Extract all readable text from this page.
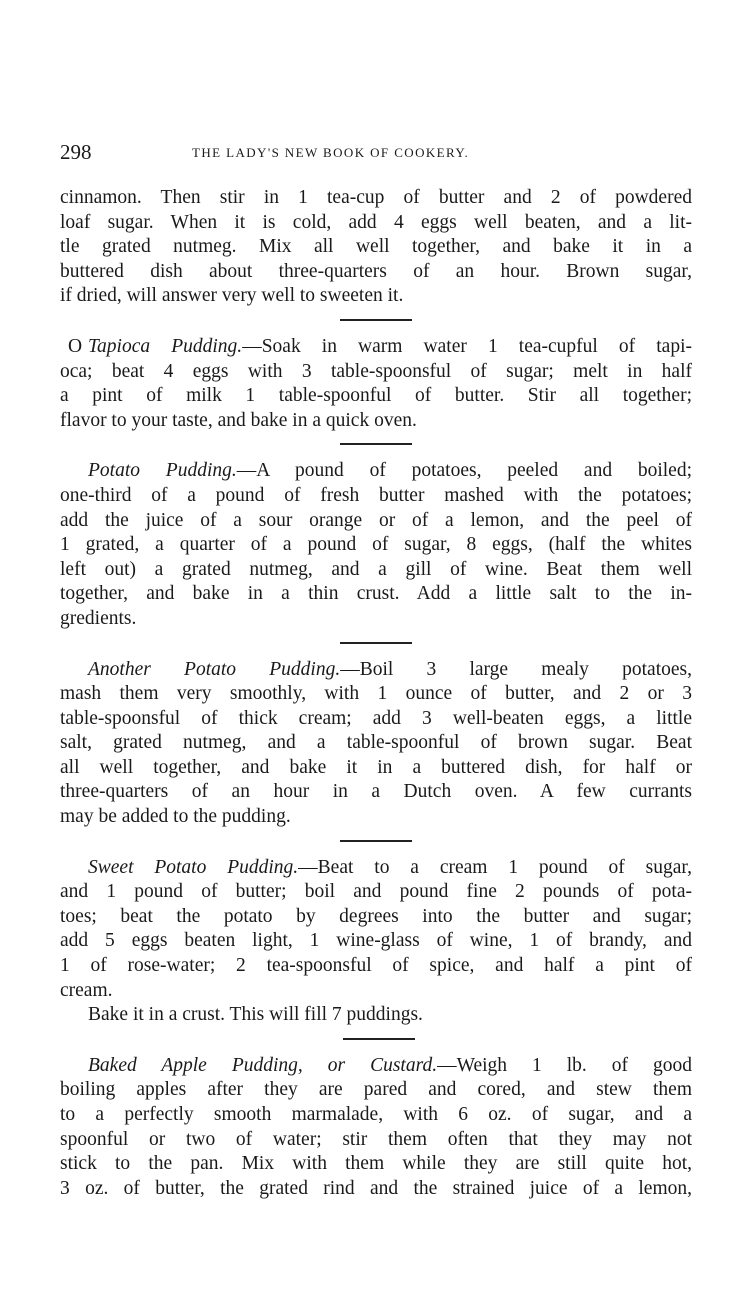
298	THE LADY'S NEW BOOK OF COOKERY.
cinnamon. Then stir in 1 tea-cup of butter and 2 of powdered
loaf sugar. When it is cold, add 4 eggs well beaten, and a lit-
tle grated nutmeg. Mix all well together, and bake it in a
buttered dish about three-quarters of an hour. Brown sugar,
if dried, will answer very well to sweeten it.
O Tapioca Pudding.—Soak in warm water 1 tea-cupful of tapi-
oca; beat 4 eggs with 3 table-spoonsful of sugar; melt in half
a pint of milk 1 table-spoonful of butter. Stir all together;
flavor to your taste, and bake in a quick oven.
Potato Pudding.—A pound of potatoes, peeled and boiled;
one-third of a pound of fresh butter mashed with the potatoes;
add the juice of a sour orange or of a lemon, and the peel of
1 grated, a quarter of a pound of sugar, 8 eggs, (half the whites
left out) a grated nutmeg, and a gill of wine. Beat them well
together, and bake in a thin crust. Add a little salt to the in-
gredients.
Another Potato Pudding.—Boil 3 large mealy potatoes,
mash them very smoothly, with 1 ounce of butter, and 2 or 3
table-spoonsful of thick cream; add 3 well-beaten eggs, a little
salt, grated nutmeg, and a table-spoonful of brown sugar. Beat
all well together, and bake it in a buttered dish, for half or
three-quarters of an hour in a Dutch oven. A few currants
may be added to the pudding.
Sweet Potato Pudding.—Beat to a cream 1 pound of sugar,
and 1 pound of butter; boil and pound fine 2 pounds of pota-
toes; beat the potato by degrees into the butter and sugar;
add 5 eggs beaten light, 1 wine-glass of wine, 1 of brandy, and
1 of rose-water; 2 tea-spoonsful of spice, and half a pint of
cream.
Bake it in a crust. This will fill 7 puddings.
Baked Apple Pudding, or Custard.—Weigh 1 lb. of good
boiling apples after they are pared and cored, and stew them
to a perfectly smooth marmalade, with 6 oz. of sugar, and a
spoonful or two of water; stir them often that they may not
stick to the pan. Mix with them while they are still quite hot,
3 oz. of butter, the grated rind and the strained juice of a lemon,
